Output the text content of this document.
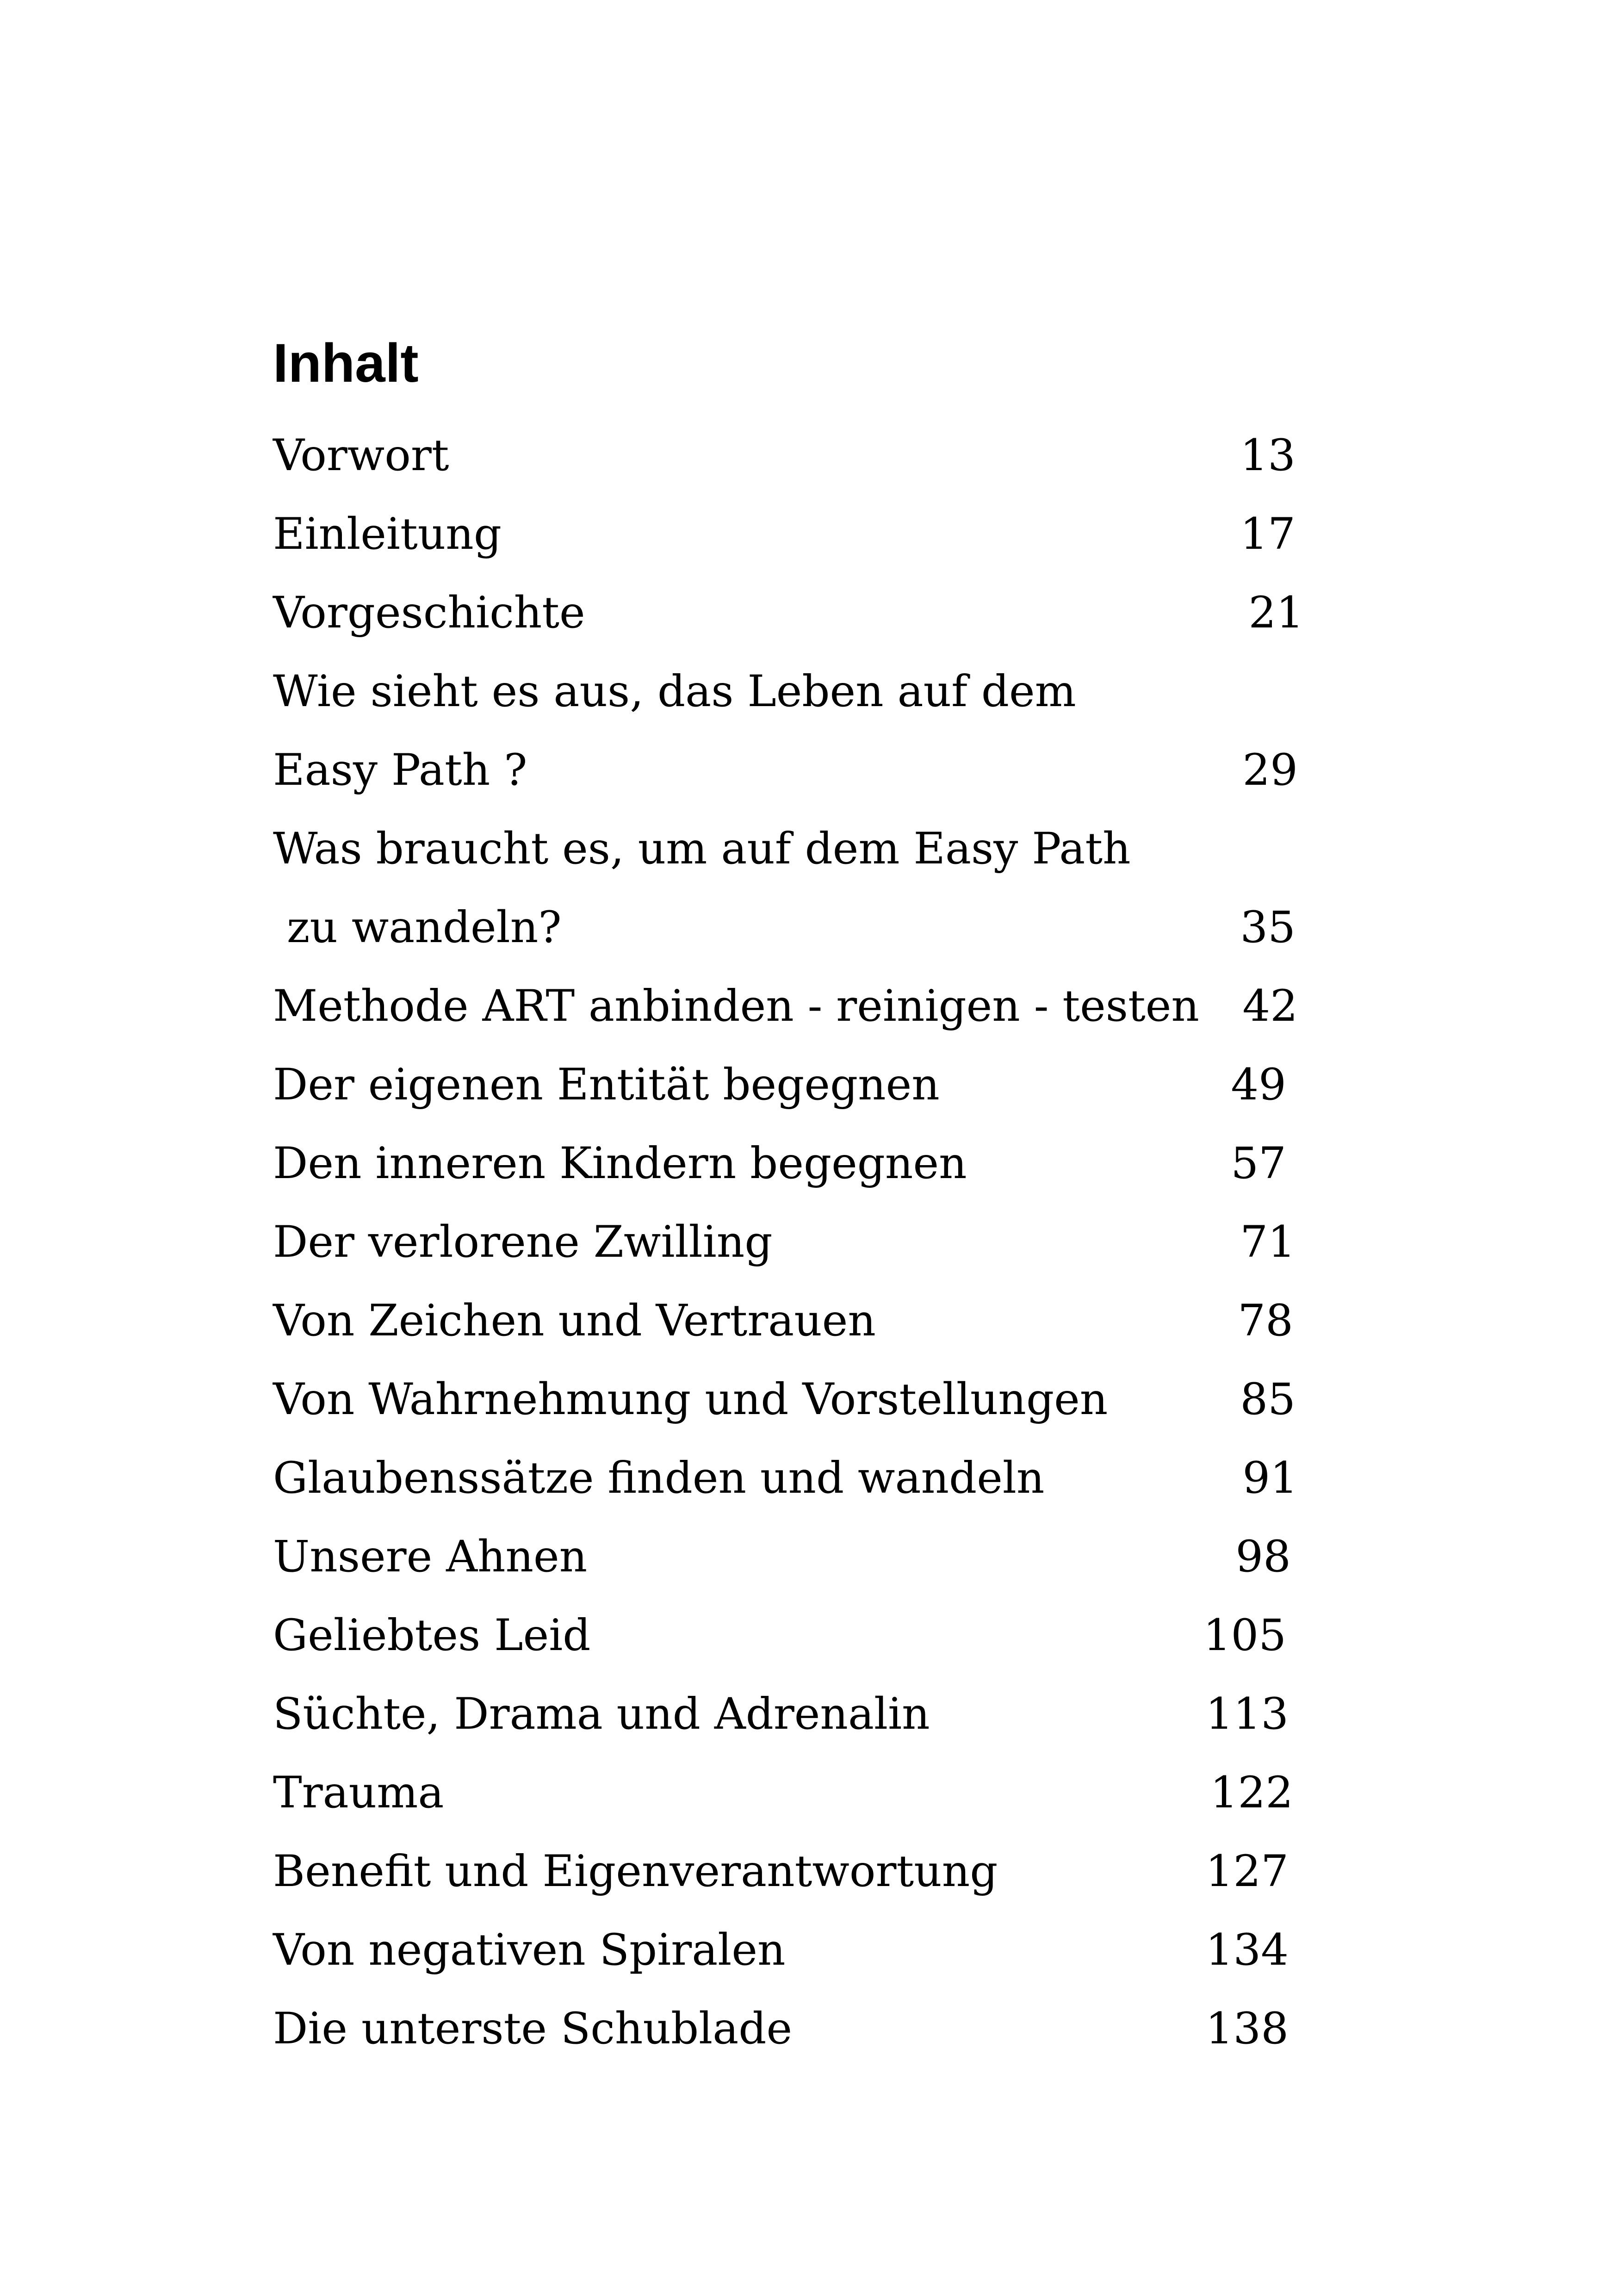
Inhalt
Vorwort	13
Einleitung	17
Vorgeschichte	21
Wie sieht es aus, das Leben auf dem
Easy Path ?	29
Was braucht es, um auf dem Easy Path
zu wandeln?	35
Methode ART anbinden - reinigen - testen 42
Der eigenen Entität begegnen	49
Den inneren Kindern begegnen	57
Der verlorene Zwilling	71
Von Zeichen und Vertrauen	78
Von Wahrnehmung und Vorstellungen	85
Glaubenssätze finden und wandeln	91
Unsere Ahnen	98
Geliebtes Leid	105
Süchte, Drama und Adrenalin	113
Trauma	122
Benefit und Eigenverantwortung	127
Von negativen Spiralen	134
Die unterste Schublade	138
